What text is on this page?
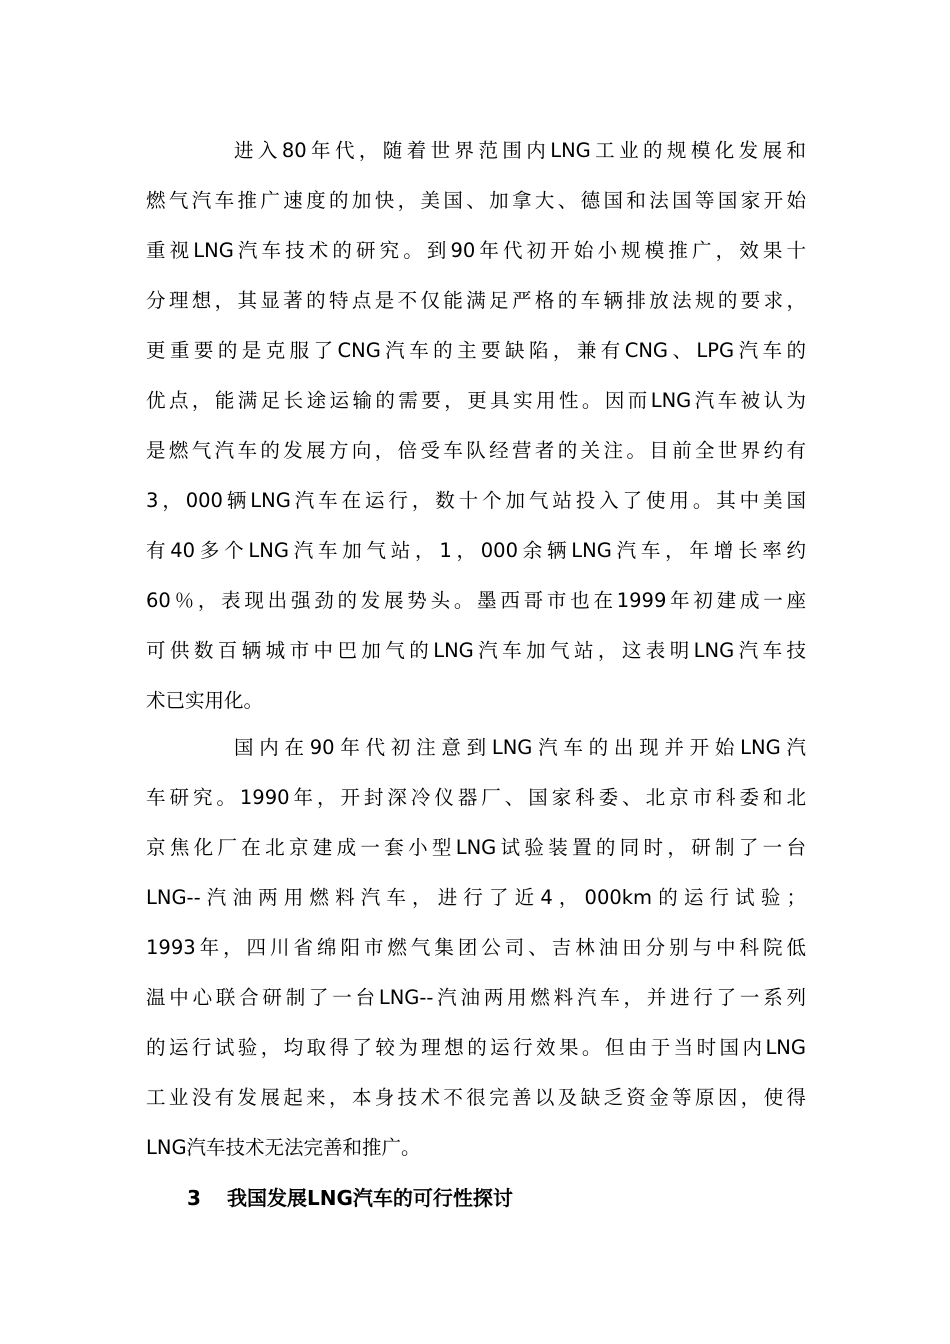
进入80年代，随着世界范围内LNG工业的规模化发展和
燃气汽车推广速度的加快，美国、加拿大、德国和法国等国家开始
重视LNG汽车技术的研究。到90年代初开始小规模推广，效果十
分理想，其显著的特点是不仅能满足严格的车辆排放法规的要求，
更重要的是克服了CNG汽车的主要缺陷，兼有CNG、LPG汽车的
优点，能满足长途运输的需要，更具实用性。因而LNG汽车被认为
是燃气汽车的发展方向，倍受车队经营者的关注。目前全世界约有
3，000辆LNG汽车在运行，数十个加气站投入了使用。其中美国
有40多个LNG汽车加气站，1，000余辆LNG汽车，年增长率约
60％，表现出强劲的发展势头。墨西哥市也在1999年初建成一座
可供数百辆城市中巴加气的LNG汽车加气站，这表明LNG汽车技
术已实用化。
国内在90年代初注意到LNG汽车的出现并开始LNG汽
车研究。1990年，开封深冷仪器厂、国家科委、北京市科委和北
京焦化厂在北京建成一套小型LNG试验装置的同时，研制了一台
LNG--汽油两用燃料汽车，进行了近4，000km的运行试验；
1993年，四川省绵阳市燃气集团公司、吉林油田分别与中科院低
温中心联合研制了一台LNG--汽油两用燃料汽车，并进行了一系列
的运行试验，均取得了较为理想的运行效果。但由于当时国内LNG
工业没有发展起来，本身技术不很完善以及缺乏资金等原因，使得
LNG汽车技术无法完善和推广。
3 我国发展LNG汽车的可行性探讨
